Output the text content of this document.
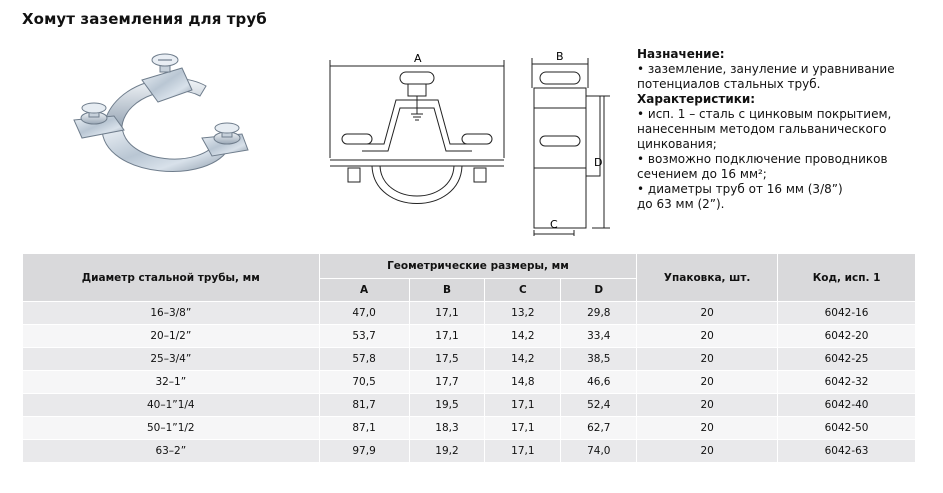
Хомут заземления для труб
A	B
C
D
Назначение:
• заземление, зануление и уравнивание
потенциалов стальных труб.
Характеристики:
• исп. 1 – сталь с цинковым покрытием,
нанесенным методом гальванического
цинкования;
• возможно подключение проводников
сечением до 16 мм²;
• диаметры труб от 16 мм (3/8”)
до 63 мм (2”).
Диаметр стальной трубы, мм	Геометрические размеры, мм				Упаковка, шт.	Код, исп. 1
	A	B	C	D		
16–3/8”	47,0	17,1	13,2	29,8	20	6042-16
20–1/2”	53,7	17,1	14,2	33,4	20	6042-20
25–3/4”	57,8	17,5	14,2	38,5	20	6042-25
32–1”	70,5	17,7	14,8	46,6	20	6042-32
40–1”1/4	81,7	19,5	17,1	52,4	20	6042-40
50–1”1/2	87,1	18,3	17,1	62,7	20	6042-50
63–2”	97,9	19,2	17,1	74,0	20	6042-63
